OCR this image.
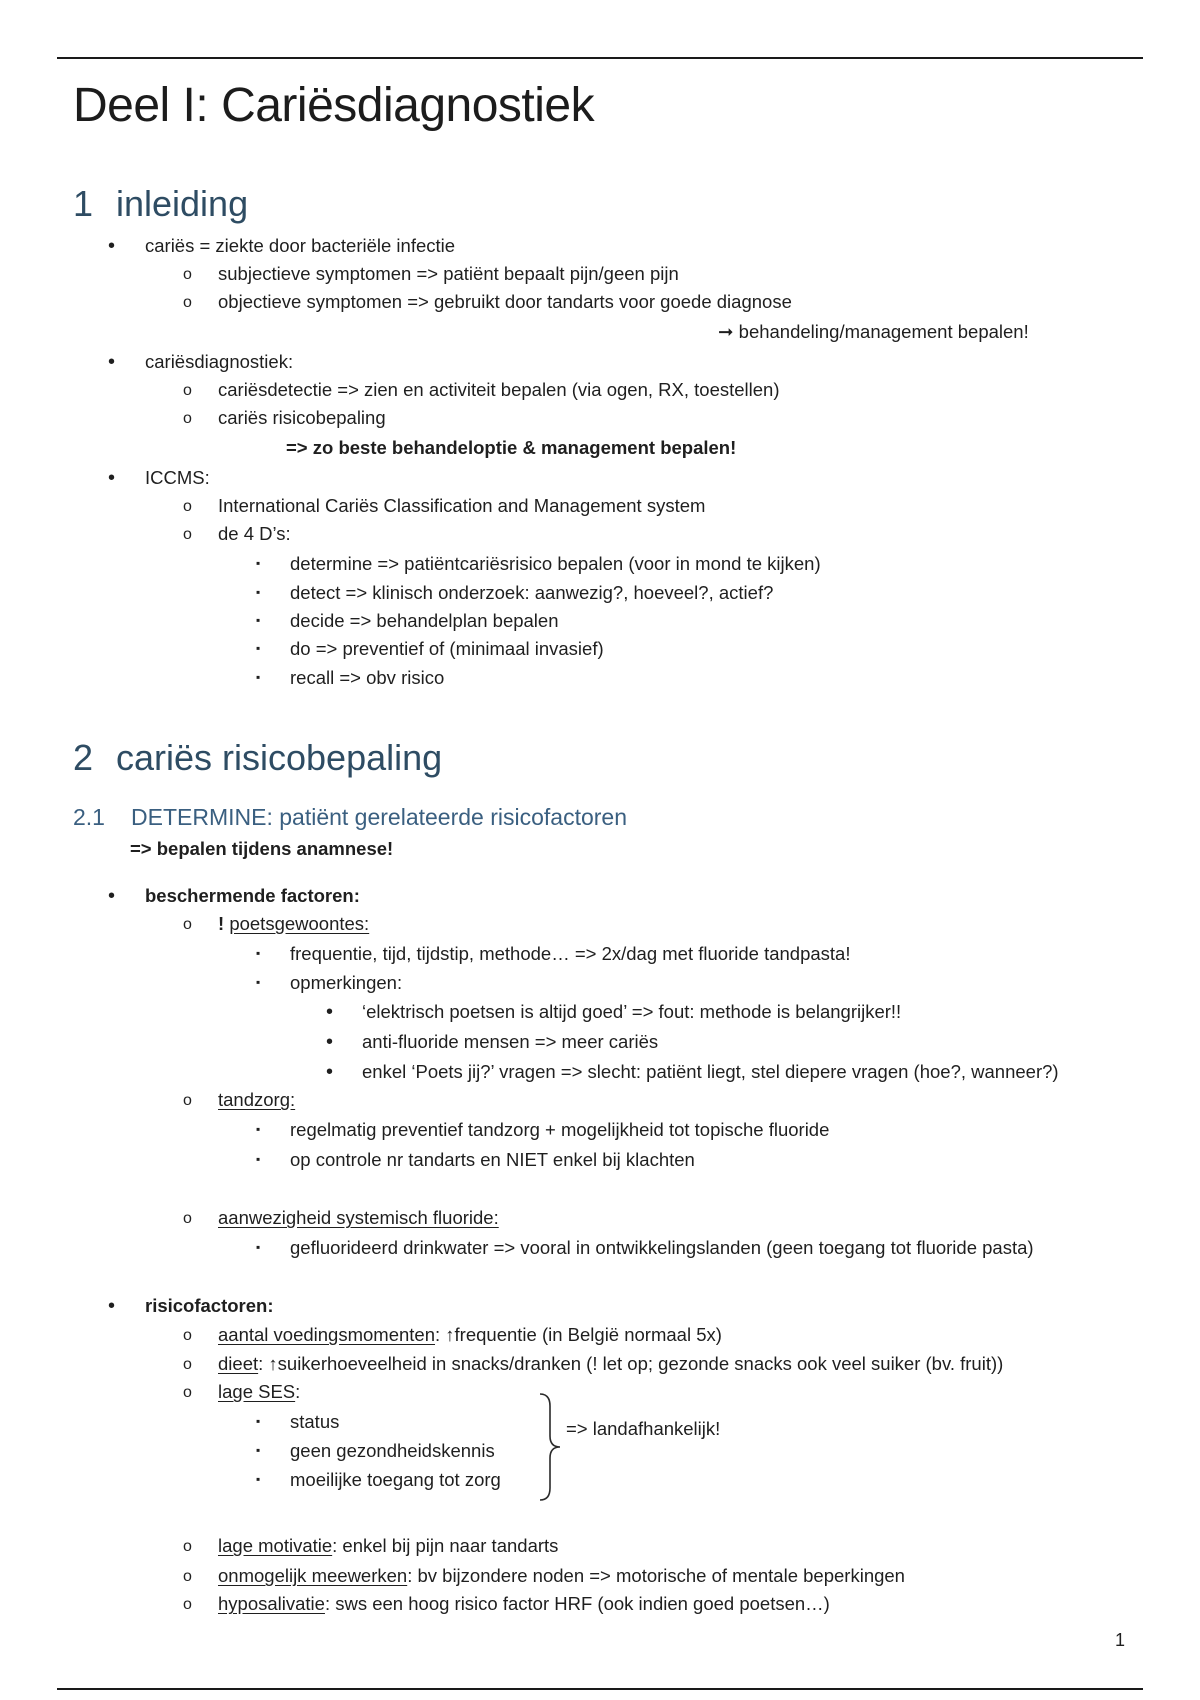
Deel I: Cariësdiagnostiek
1 inleiding
• cariës = ziekte door bacteriële infectie
o subjectieve symptomen => patiënt bepaalt pijn/geen pijn
o objectieve symptomen => gebruikt door tandarts voor goede diagnose
➞ behandeling/management bepalen!
• cariësdiagnostiek:
o cariësdetectie => zien en activiteit bepalen (via ogen, RX, toestellen)
o cariës risicobepaling
=> zo beste behandeloptie & management bepalen!
• ICCMS:
o International Cariës Classification and Management system
o de 4 D’s:
▪ determine => patiëntcariësrisico bepalen (voor in mond te kijken)
▪ detect => klinisch onderzoek: aanwezig?, hoeveel?, actief?
▪ decide => behandelplan bepalen
▪ do => preventief of (minimaal invasief)
▪ recall => obv risico
2 cariës risicobepaling
2.1 DETERMINE: patiënt gerelateerde risicofactoren
=> bepalen tijdens anamnese!
• beschermende factoren:
o ! poetsgewoontes:
▪ frequentie, tijd, tijdstip, methode… => 2x/dag met fluoride tandpasta!
▪ opmerkingen:
• ‘elektrisch poetsen is altijd goed’ => fout: methode is belangrijker!!
• anti-fluoride mensen => meer cariës
• enkel ‘Poets jij?’ vragen => slecht: patiënt liegt, stel diepere vragen (hoe?, wanneer?)
o tandzorg:
▪ regelmatig preventief tandzorg + mogelijkheid tot topische fluoride
▪ op controle nr tandarts en NIET enkel bij klachten
o aanwezigheid systemisch fluoride:
▪ gefluorideerd drinkwater => vooral in ontwikkelingslanden (geen toegang tot fluoride pasta)
• risicofactoren:
o aantal voedingsmomenten: ↑frequentie (in België normaal 5x)
o dieet: ↑suikerhoeveelheid in snacks/dranken (! let op; gezonde snacks ook veel suiker (bv. fruit))
o lage SES:
▪ status
▪ geen gezondheidskennis
▪ moeilijke toegang tot zorg
=> landafhankelijk!
o lage motivatie: enkel bij pijn naar tandarts
o onmogelijk meewerken: bv bijzondere noden => motorische of mentale beperkingen
o hyposalivatie: sws een hoog risico factor HRF (ook indien goed poetsen…)
1
